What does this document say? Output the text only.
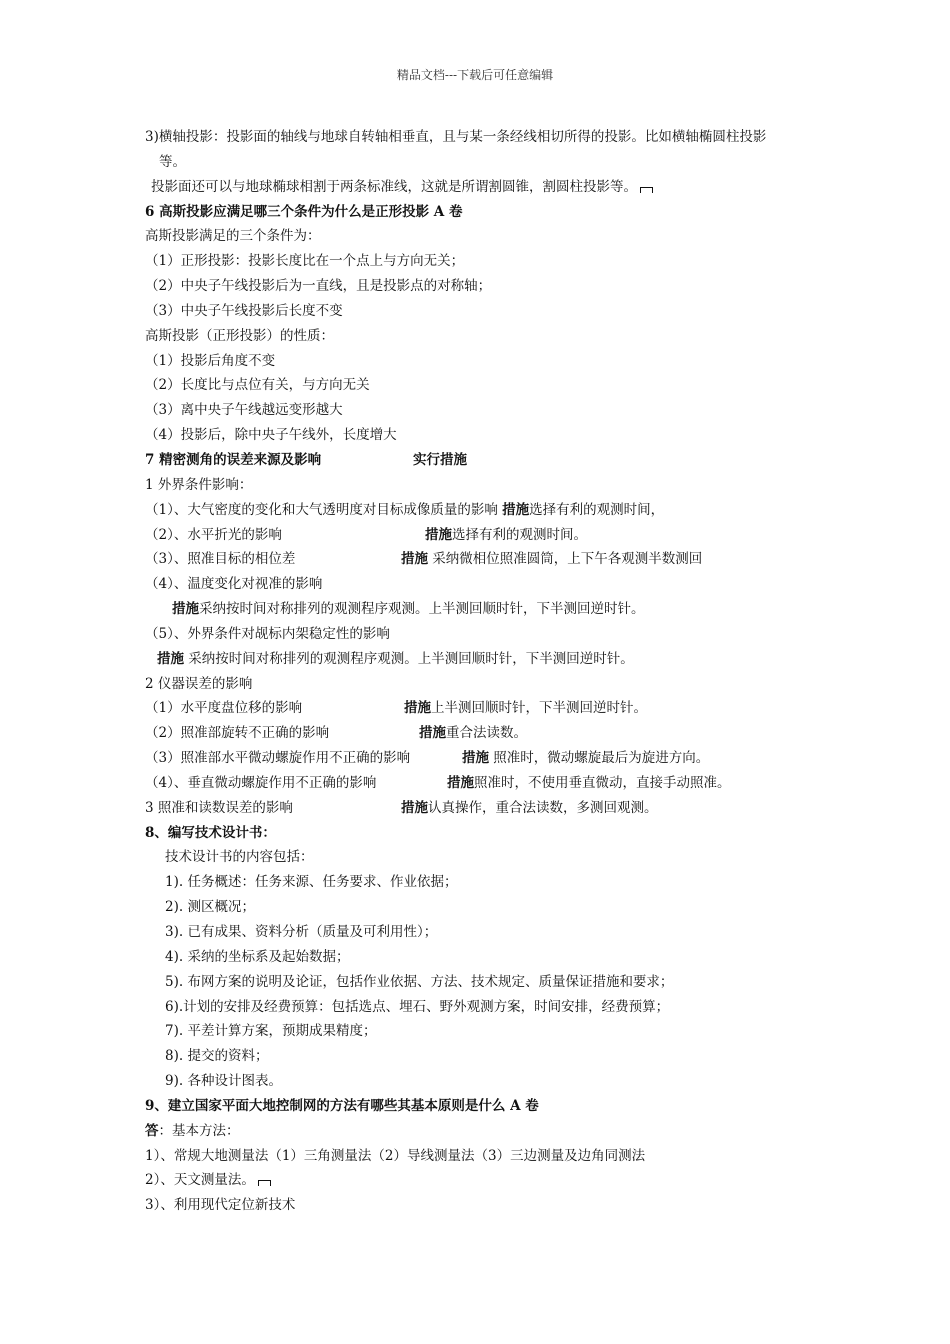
精品文档---下载后可任意编辑
3)横轴投影：投影面的轴线与地球自转轴相垂直，且与某一条经线相切所得的投影。比如横轴椭圆柱投影
等。
投影面还可以与地球椭球相割于两条标准线，这就是所谓割圆锥，割圆柱投影等。
6 高斯投影应满足哪三个条件为什么是正形投影 A 卷
高斯投影满足的三个条件为：
（1）正形投影：投影长度比在一个点上与方向无关；
（2）中央子午线投影后为一直线，且是投影点的对称轴；
（3）中央子午线投影后长度不变
高斯投影（正形投影）的性质：
（1）投影后角度不变
（2）长度比与点位有关，与方向无关
（3）离中央子午线越远变形越大
（4）投影后，除中央子午线外，长度增大
7 精密测角的误差来源及影响	实行措施
1 外界条件影响：
（1）、大气密度的变化和大气透明度对目标成像质量的影响 措施选择有利的观测时间，
（2）、水平折光的影响	措施选择有利的观测时间。
（3）、照准目标的相位差	措施 采纳微相位照准圆筒，上下午各观测半数测回
（4）、温度变化对视准的影响
措施采纳按时间对称排列的观测程序观测。上半测回顺时针，下半测回逆时针。
（5）、外界条件对觇标内架稳定性的影响
措施 采纳按时间对称排列的观测程序观测。上半测回顺时针，下半测回逆时针。
2 仪器误差的影响
（1）水平度盘位移的影响	措施上半测回顺时针，下半测回逆时针。
（2）照准部旋转不正确的影响	措施重合法读数。
（3）照准部水平微动螺旋作用不正确的影响	措施 照准时，微动螺旋最后为旋进方向。
（4）、垂直微动螺旋作用不正确的影响	措施照准时，不使用垂直微动，直接手动照准。
3 照准和读数误差的影响	措施认真操作，重合法读数，多测回观测。
8、编写技术设计书：
技术设计书的内容包括：
1). 任务概述：任务来源、任务要求、作业依据；
2). 测区概况；
3). 已有成果、资料分析（质量及可利用性）；
4). 采纳的坐标系及起始数据；
5). 布网方案的说明及论证，包括作业依据、方法、技术规定、质量保证措施和要求；
6).计划的安排及经费预算：包括选点、埋石、野外观测方案，时间安排，经费预算；
7). 平差计算方案，预期成果精度；
8). 提交的资料；
9). 各种设计图表。
9、建立国家平面大地控制网的方法有哪些其基本原则是什么 A 卷
答：基本方法：
1）、常规大地测量法（1）三角测量法（2）导线测量法（3）三边测量及边角同测法
2）、天文测量法。
3）、利用现代定位新技术
